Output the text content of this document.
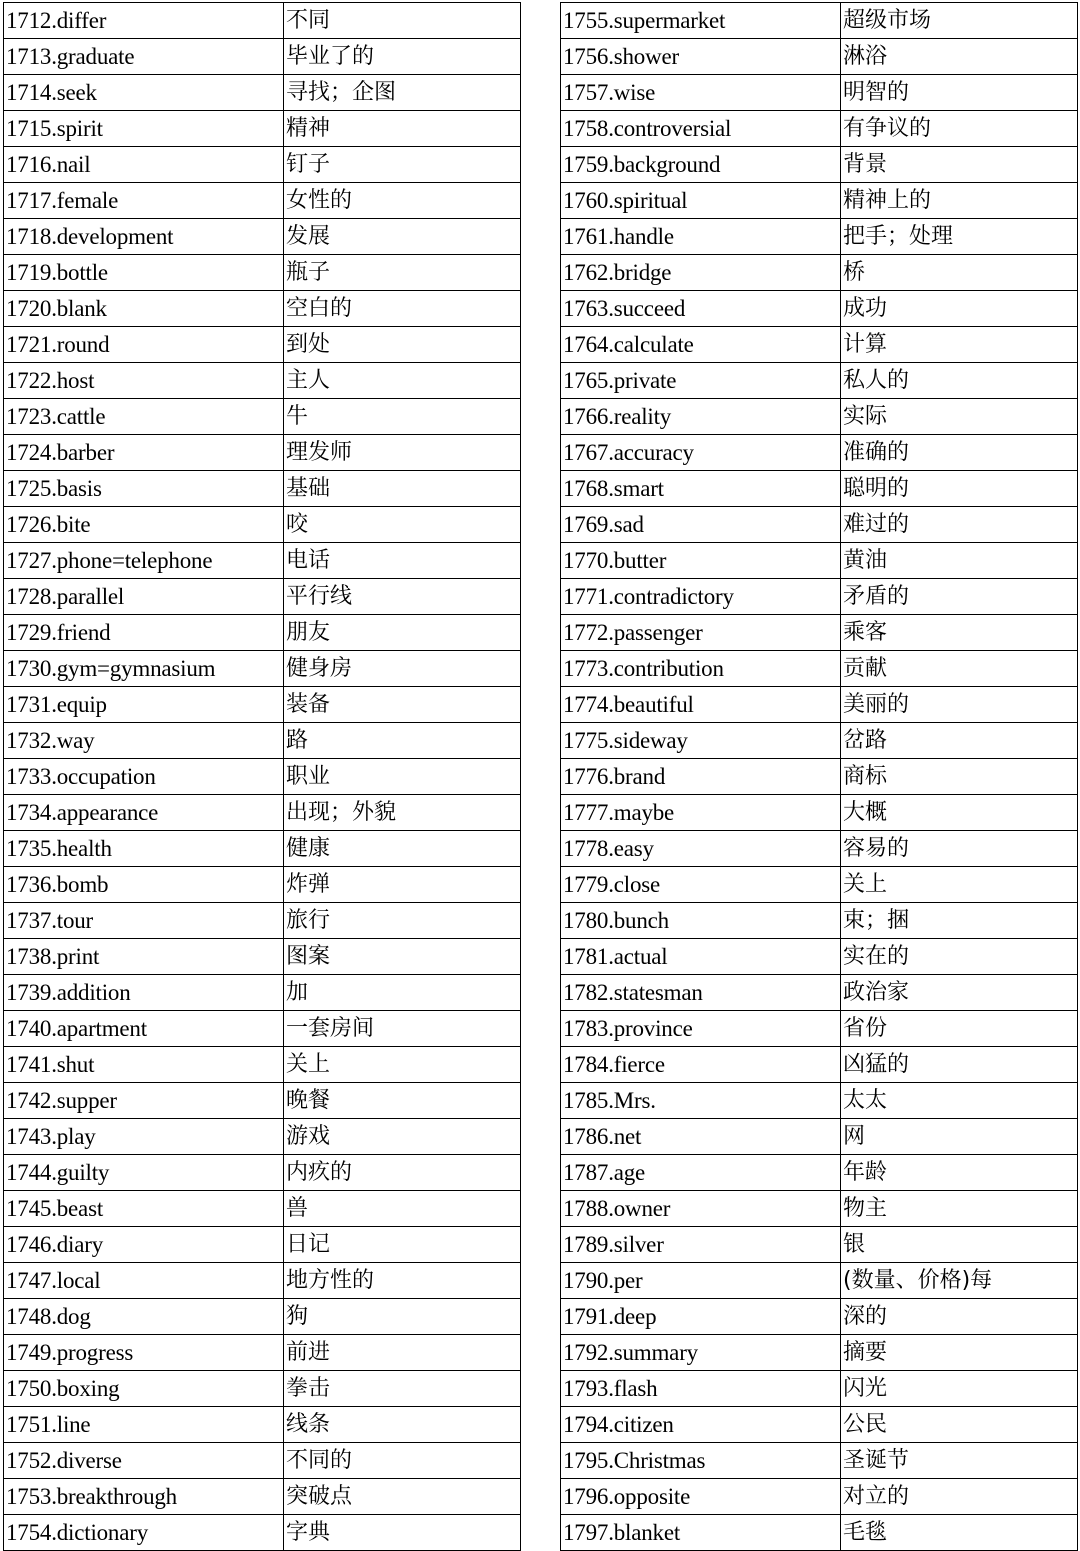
1712.differ	不同
1713.graduate	毕业了的
1714.seek	寻找；企图
1715.spirit	精神
1716.nail	钉子
1717.female	女性的
1718.development	发展
1719.bottle	瓶子
1720.blank	空白的
1721.round	到处
1722.host	主人
1723.cattle	牛
1724.barber	理发师
1725.basis	基础
1726.bite	咬
1727.phone=telephone	电话
1728.parallel	平行线
1729.friend	朋友
1730.gym=gymnasium	健身房
1731.equip	装备
1732.way	路
1733.occupation	职业
1734.appearance	出现；外貌
1735.health	健康
1736.bomb	炸弹
1737.tour	旅行
1738.print	图案
1739.addition	加
1740.apartment	一套房间
1741.shut	关上
1742.supper	晚餐
1743.play	游戏
1744.guilty	内疚的
1745.beast	兽
1746.diary	日记
1747.local	地方性的
1748.dog	狗
1749.progress	前进
1750.boxing	拳击
1751.line	线条
1752.diverse	不同的
1753.breakthrough	突破点
1754.dictionary	字典
1755.supermarket	超级市场
1756.shower	淋浴
1757.wise	明智的
1758.controversial	有争议的
1759.background	背景
1760.spiritual	精神上的
1761.handle	把手；处理
1762.bridge	桥
1763.succeed	成功
1764.calculate	计算
1765.private	私人的
1766.reality	实际
1767.accuracy	准确的
1768.smart	聪明的
1769.sad	难过的
1770.butter	黄油
1771.contradictory	矛盾的
1772.passenger	乘客
1773.contribution	贡献
1774.beautiful	美丽的
1775.sideway	岔路
1776.brand	商标
1777.maybe	大概
1778.easy	容易的
1779.close	关上
1780.bunch	束；捆
1781.actual	实在的
1782.statesman	政治家
1783.province	省份
1784.fierce	凶猛的
1785.Mrs.	太太
1786.net	网
1787.age	年龄
1788.owner	物主
1789.silver	银
1790.per	(数量、价格)每
1791.deep	深的
1792.summary	摘要
1793.flash	闪光
1794.citizen	公民
1795.Christmas	圣诞节
1796.opposite	对立的
1797.blanket	毛毯
